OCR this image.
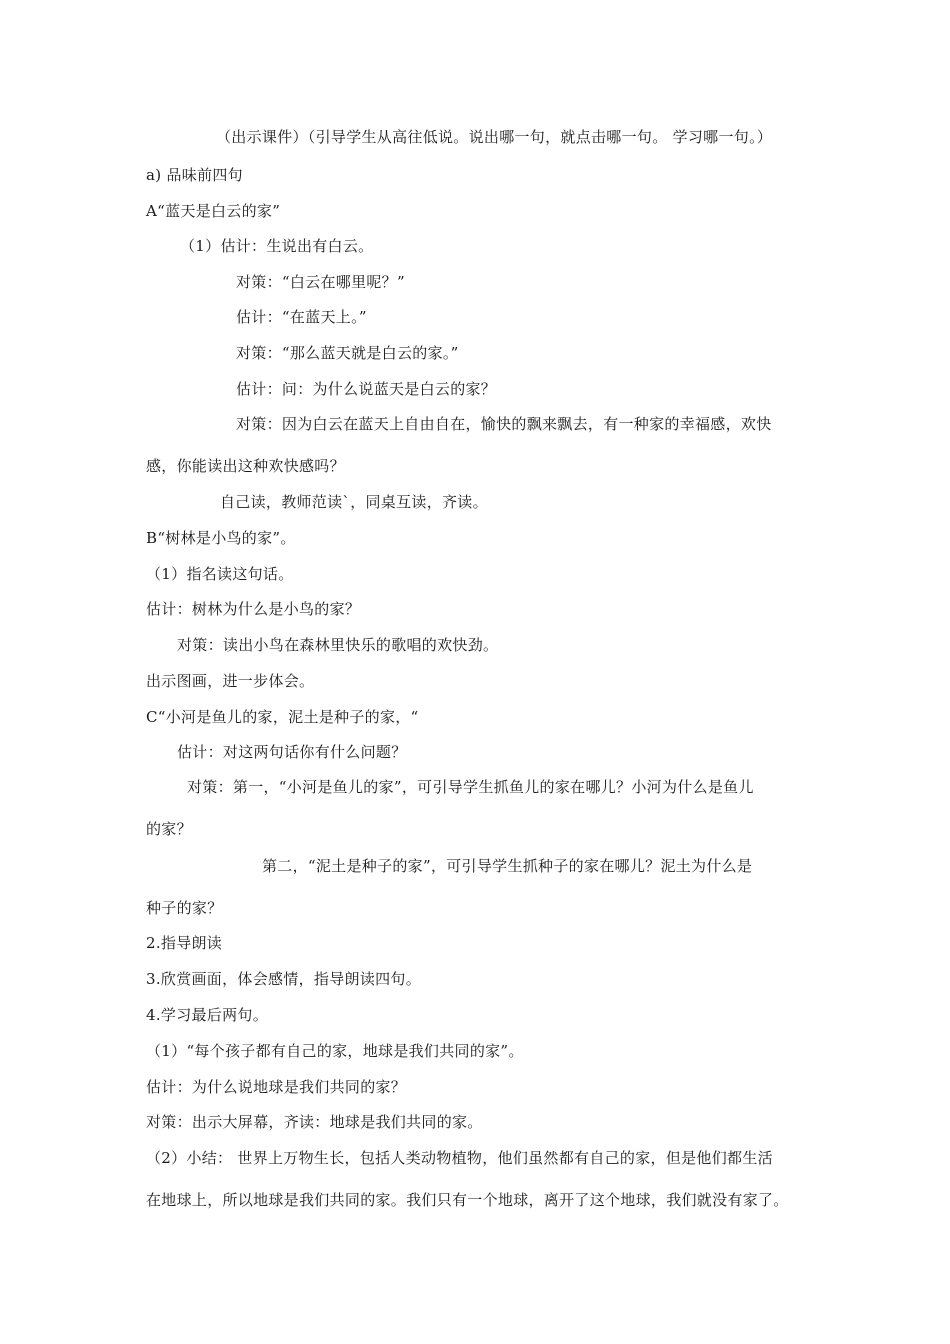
（出示课件）（引导学生从高往低说。说出哪一句，就点击哪一句。 学习哪一句。）
a) 品味前四句
A“蓝天是白云的家”
（1）估计：生说出有白云。
对策：“白云在哪里呢？”
估计：“在蓝天上。”
对策：“那么蓝天就是白云的家。”
估计：问：为什么说蓝天是白云的家？
对策：因为白云在蓝天上自由自在，愉快的飘来飘去，有一种家的幸福感，欢快
感，你能读出这种欢快感吗？
自己读，教师范读`，同桌互读，齐读。
B“树林是小鸟的家”。
（1）指名读这句话。
估计：树林为什么是小鸟的家？
对策：读出小鸟在森林里快乐的歌唱的欢快劲。
出示图画，进一步体会。
C“小河是鱼儿的家，泥土是种子的家，“
估计：对这两句话你有什么问题？
对策：第一，“小河是鱼儿的家”，可引导学生抓鱼儿的家在哪儿？小河为什么是鱼儿
的家？
第二，“泥土是种子的家”，可引导学生抓种子的家在哪儿？泥土为什么是
种子的家？
2.指导朗读
3.欣赏画面，体会感情，指导朗读四句。
4.学习最后两句。
（1）“每个孩子都有自己的家，地球是我们共同的家”。
估计：为什么说地球是我们共同的家？
对策：出示大屏幕，齐读：地球是我们共同的家。
（2）小结： 世界上万物生长，包括人类动物植物，他们虽然都有自己的家，但是他们都生活
在地球上，所以地球是我们共同的家。我们只有一个地球，离开了这个地球，我们就没有家了。
